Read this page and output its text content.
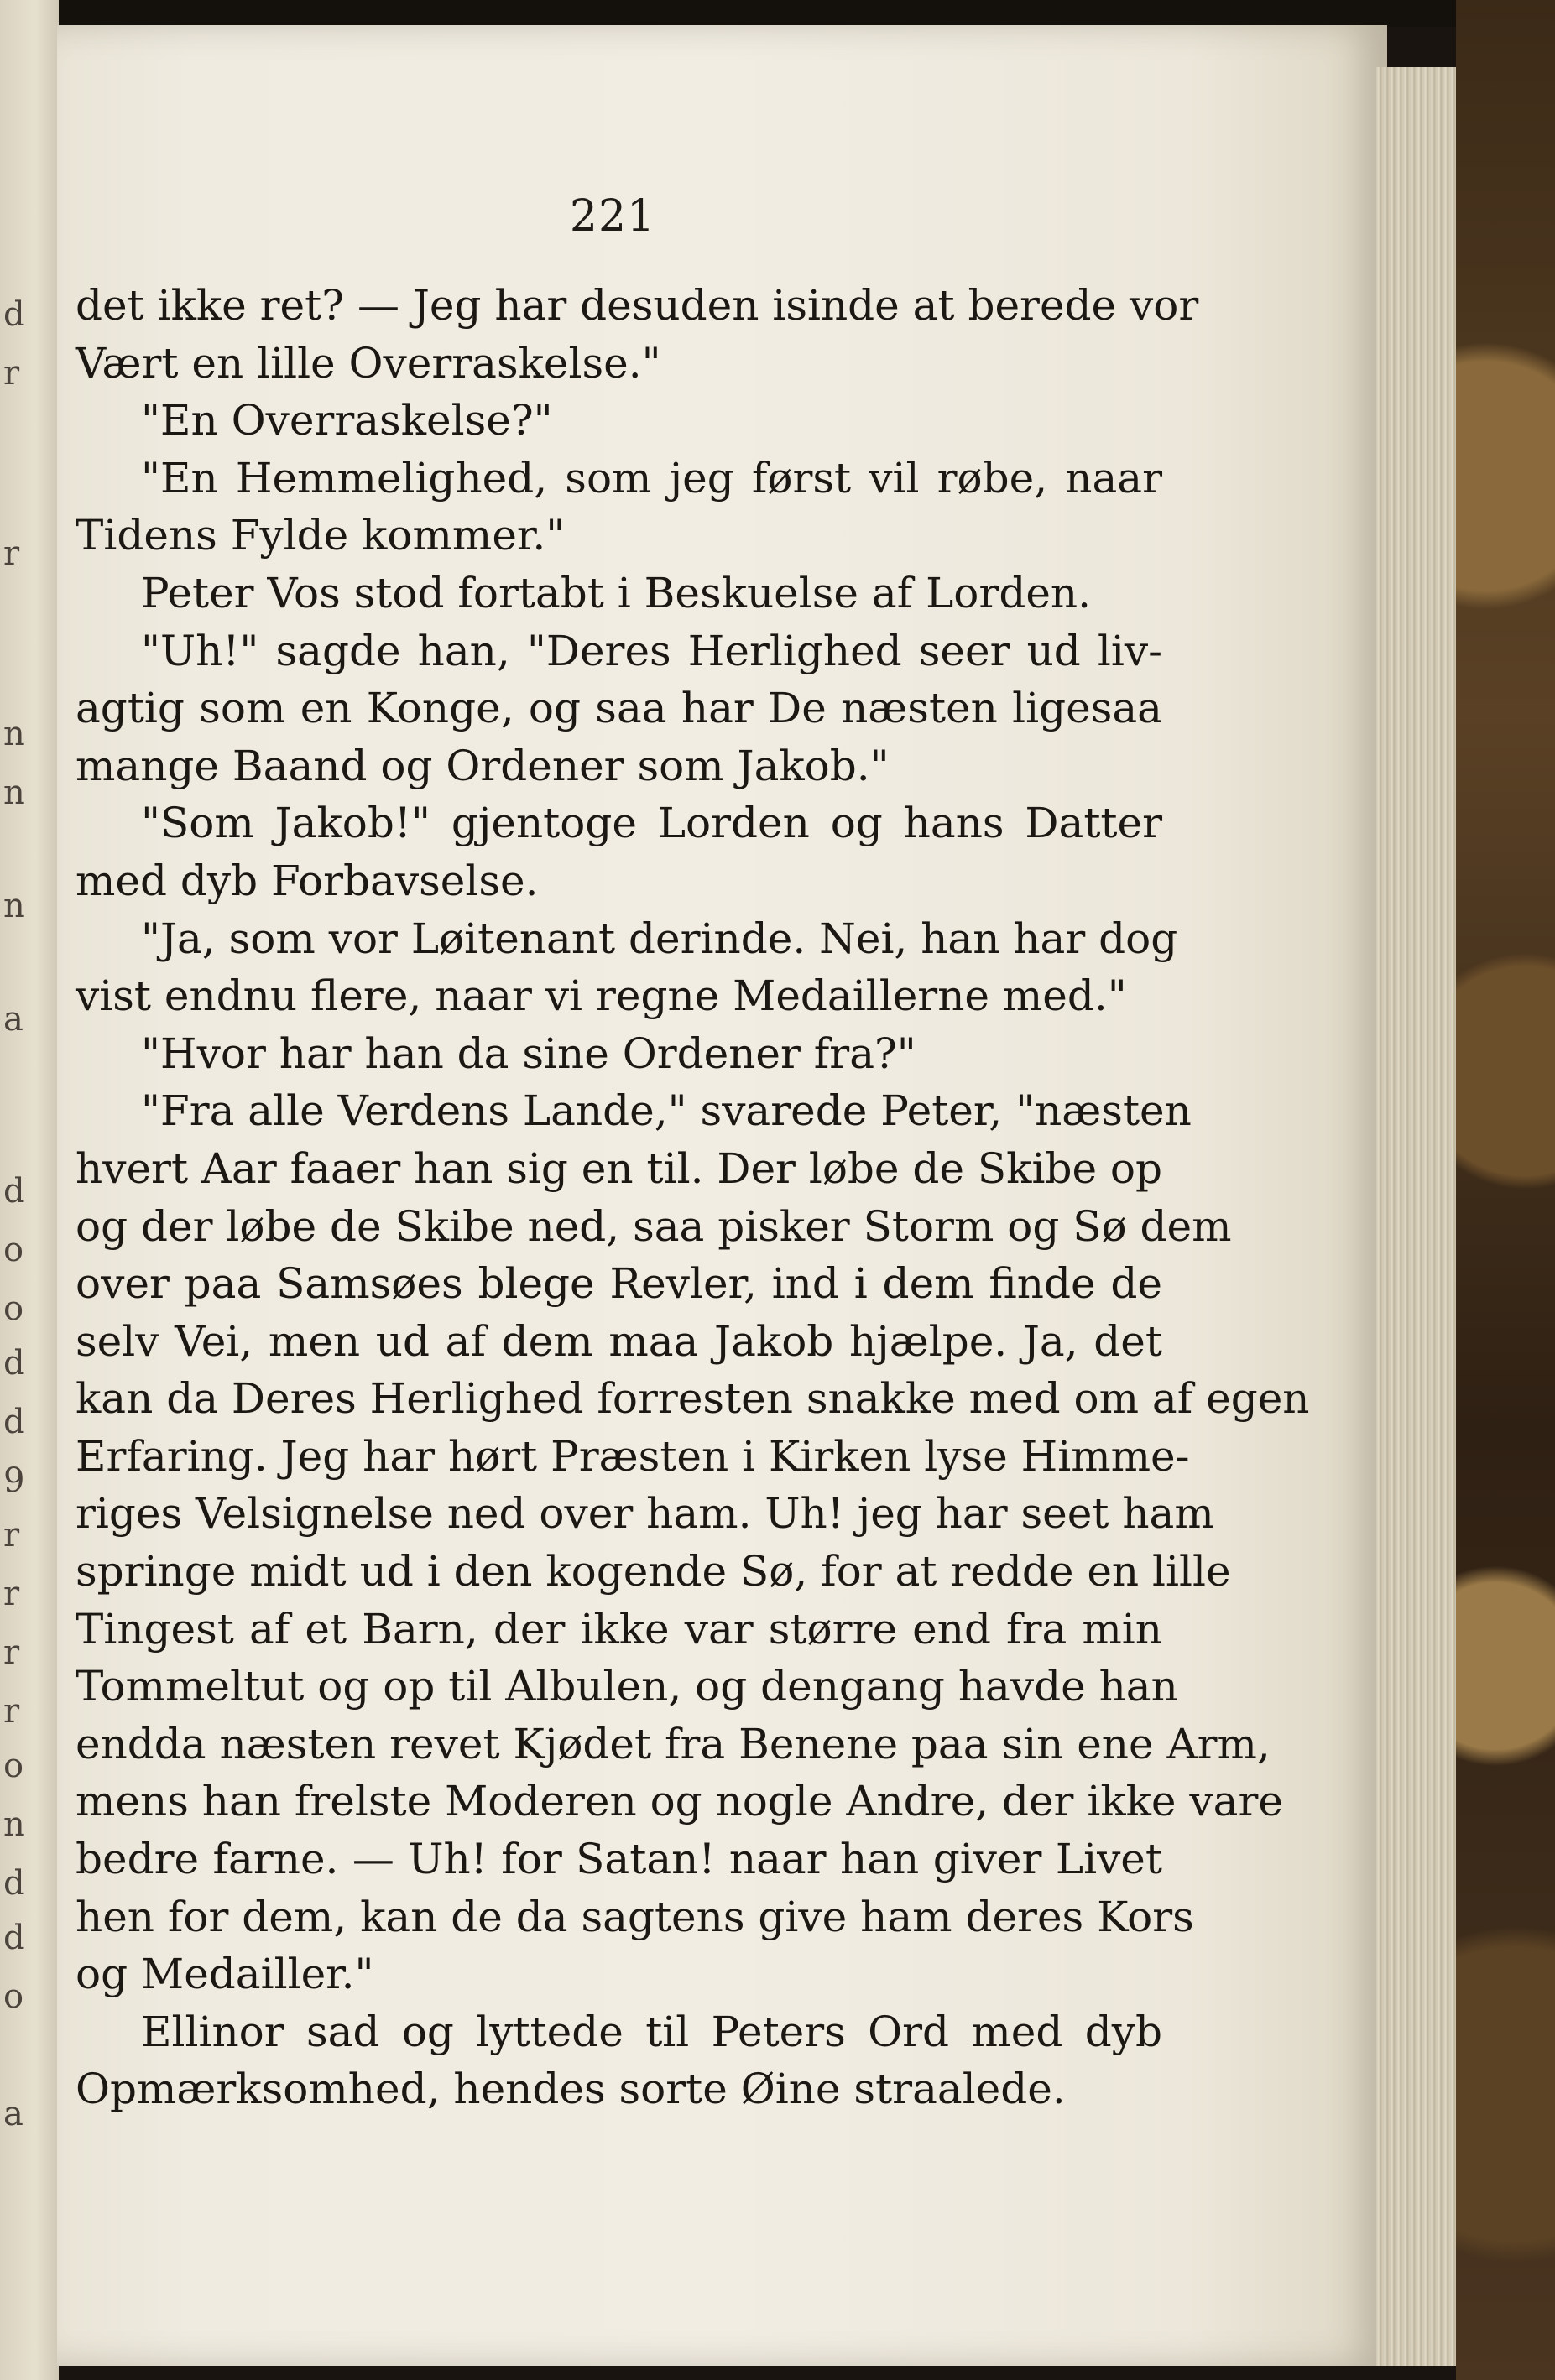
d
r
r
n
n
n
a
d
o
o
d
d
9
r
r
r
r
o
n
d
d
o
a
221
det ikke ret? — Jeg har desuden isinde at berede vor
Vært en lille Overraskelse."
"En Overraskelse?"
"En Hemmelighed, som jeg først vil røbe, naar
Tidens Fylde kommer."
Peter Vos stod fortabt i Beskuelse af Lorden.
"Uh!" sagde han, "Deres Herlighed seer ud liv-
agtig som en Konge, og saa har De næsten ligesaa
mange Baand og Ordener som Jakob."
"Som Jakob!" gjentoge Lorden og hans Datter
med dyb Forbavselse.
"Ja, som vor Løitenant derinde. Nei, han har dog
vist endnu flere, naar vi regne Medaillerne med."
"Hvor har han da sine Ordener fra?"
"Fra alle Verdens Lande," svarede Peter, "næsten
hvert Aar faaer han sig en til. Der løbe de Skibe op
og der løbe de Skibe ned, saa pisker Storm og Sø dem
over paa Samsøes blege Revler, ind i dem finde de
selv Vei, men ud af dem maa Jakob hjælpe. Ja, det
kan da Deres Herlighed forresten snakke med om af egen
Erfaring. Jeg har hørt Præsten i Kirken lyse Himme-
riges Velsignelse ned over ham. Uh! jeg har seet ham
springe midt ud i den kogende Sø, for at redde en lille
Tingest af et Barn, der ikke var større end fra min
Tommeltut og op til Albulen, og dengang havde han
endda næsten revet Kjødet fra Benene paa sin ene Arm,
mens han frelste Moderen og nogle Andre, der ikke vare
bedre farne. — Uh! for Satan! naar han giver Livet
hen for dem, kan de da sagtens give ham deres Kors
og Medailler."
Ellinor sad og lyttede til Peters Ord med dyb
Opmærksomhed, hendes sorte Øine straalede.
